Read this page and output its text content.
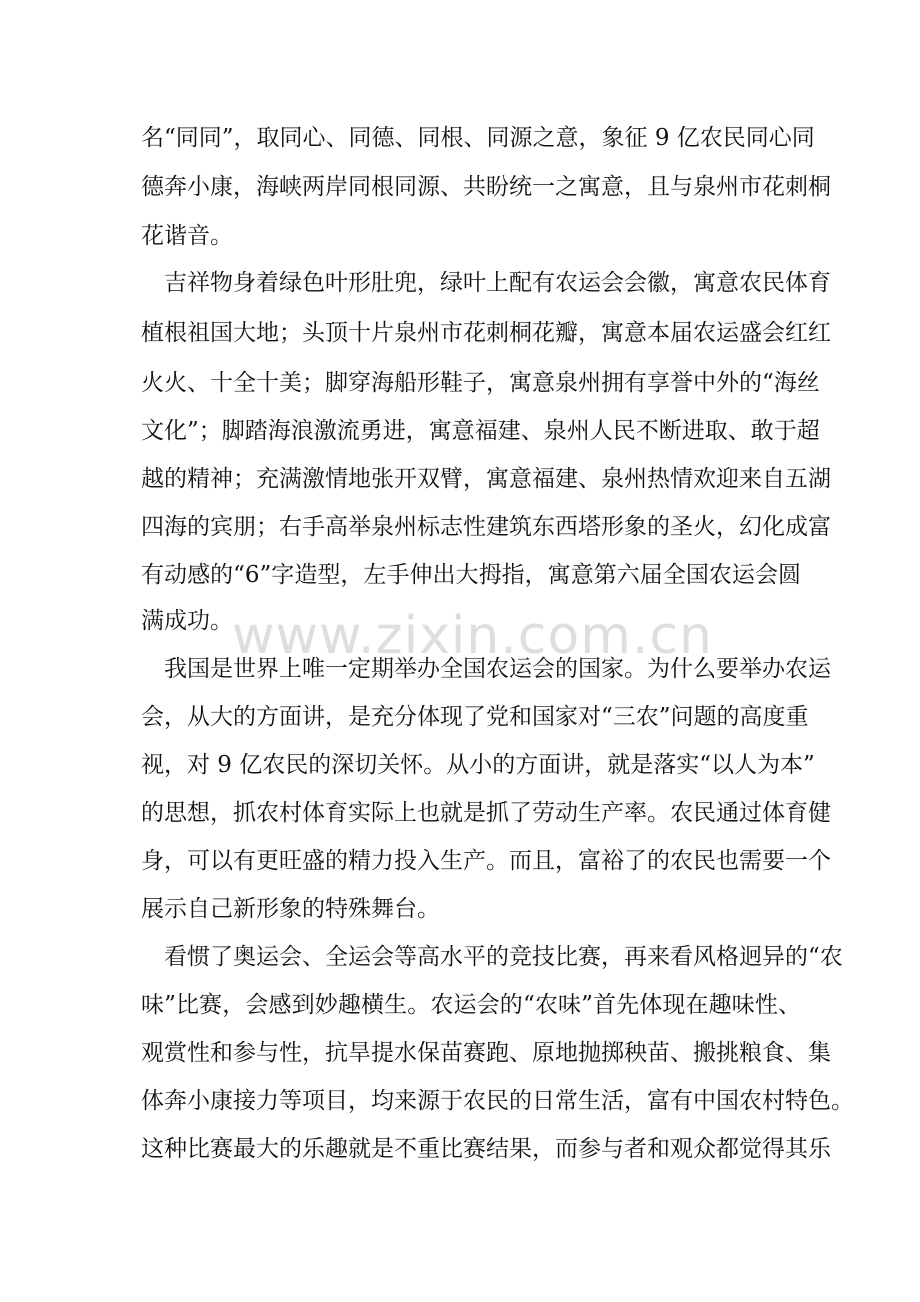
名“同同”，取同心、同德、同根、同源之意，象征 9 亿农民同心同
德奔小康，海峡两岸同根同源、共盼统一之寓意，且与泉州市花刺桐
花谐音。
吉祥物身着绿色叶形肚兜，绿叶上配有农运会会徽，寓意农民体育
植根祖国大地；头顶十片泉州市花刺桐花瓣，寓意本届农运盛会红红
火火、十全十美；脚穿海船形鞋子，寓意泉州拥有享誉中外的“海丝
文化”；脚踏海浪激流勇进，寓意福建、泉州人民不断进取、敢于超
越的精神；充满激情地张开双臂，寓意福建、泉州热情欢迎来自五湖
四海的宾朋；右手高举泉州标志性建筑东西塔形象的圣火，幻化成富
有动感的“6”字造型，左手伸出大拇指，寓意第六届全国农运会圆
满成功。
我国是世界上唯一定期举办全国农运会的国家。为什么要举办农运
会，从大的方面讲，是充分体现了党和国家对“三农”问题的高度重
视，对 9 亿农民的深切关怀。从小的方面讲，就是落实“以人为本”
的思想，抓农村体育实际上也就是抓了劳动生产率。农民通过体育健
身，可以有更旺盛的精力投入生产。而且，富裕了的农民也需要一个
展示自己新形象的特殊舞台。
看惯了奥运会、全运会等高水平的竞技比赛，再来看风格迥异的“农
味”比赛，会感到妙趣横生。农运会的“农味”首先体现在趣味性、
观赏性和参与性，抗旱提水保苗赛跑、原地抛掷秧苗、搬挑粮食、集
体奔小康接力等项目，均来源于农民的日常生活，富有中国农村特色。
这种比赛最大的乐趣就是不重比赛结果，而参与者和观众都觉得其乐
www.zixin.com.cn
